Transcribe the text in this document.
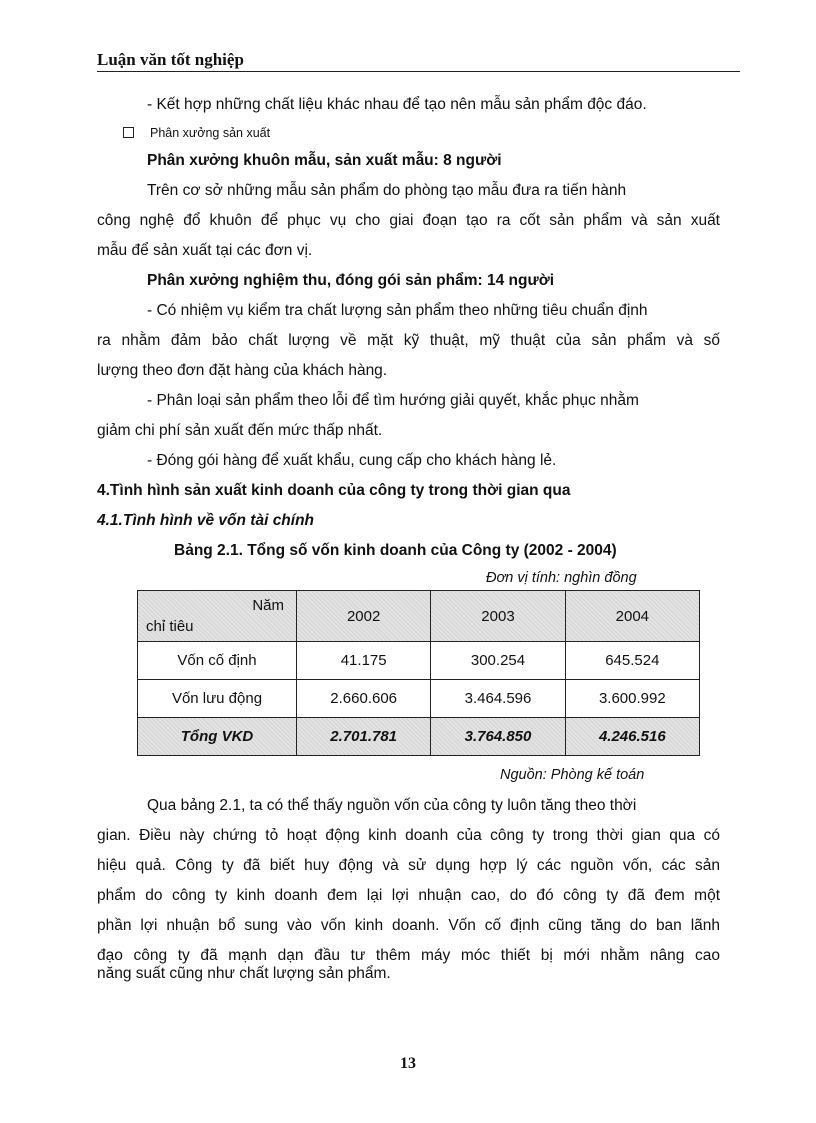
Luận văn tốt nghiệp
- Kết hợp những chất liệu khác nhau để tạo nên mẫu sản phẩm độc đáo.
Phân xưởng sản xuất
Phân xưởng khuôn mẫu, sản xuất mẫu: 8 người
Trên cơ sở những mẫu sản phẩm do phòng tạo mẫu đưa ra tiến hành
công nghệ đổ khuôn để phục vụ cho giai đoạn tạo ra cốt sản phẩm và sản xuất
mẫu để sản xuất tại các đơn vị.
Phân xưởng nghiệm thu, đóng gói sản phẩm: 14 người
- Có nhiệm vụ kiểm tra chất lượng sản phẩm theo những tiêu chuẩn định
ra nhằm đảm bảo chất lượng về mặt kỹ thuật, mỹ thuật của sản phẩm và số
lượng theo đơn đặt hàng của khách hàng.
- Phân loại sản phẩm theo lỗi để tìm hướng giải quyết, khắc phục nhằm
giảm chi phí sản xuất đến mức thấp nhất.
- Đóng gói hàng để xuất khẩu, cung cấp cho khách hàng lẻ.
4.Tình hình sản xuất kinh doanh của công ty trong thời gian qua
4.1.Tình hình về vốn tài chính
Bảng 2.1. Tổng số vốn kinh doanh của Công ty (2002 - 2004)
Đơn vị tính: nghìn đồng
Năm
chỉ tiêu	2002	2003	2004
Vốn cố định	41.175	300.254	645.524
Vốn lưu động	2.660.606	3.464.596	3.600.992
Tổng VKD	2.701.781	3.764.850	4.246.516
Nguồn: Phòng kế toán
Qua bảng 2.1, ta có thể thấy nguồn vốn của công ty luôn tăng theo thời
gian. Điều này chứng tỏ hoạt động kinh doanh của công ty trong thời gian qua có
hiệu quả. Công ty đã biết huy động và sử dụng hợp lý các nguồn vốn, các sản
phẩm do công ty kinh doanh đem lại lợi nhuận cao, do đó công ty đã đem một
phần lợi nhuận bổ sung vào vốn kinh doanh. Vốn cố định cũng tăng do ban lãnh
đạo công ty đã mạnh dạn đầu tư thêm máy móc thiết bị mới nhằm nâng cao
năng suất cũng như chất lượng sản phẩm.
13
